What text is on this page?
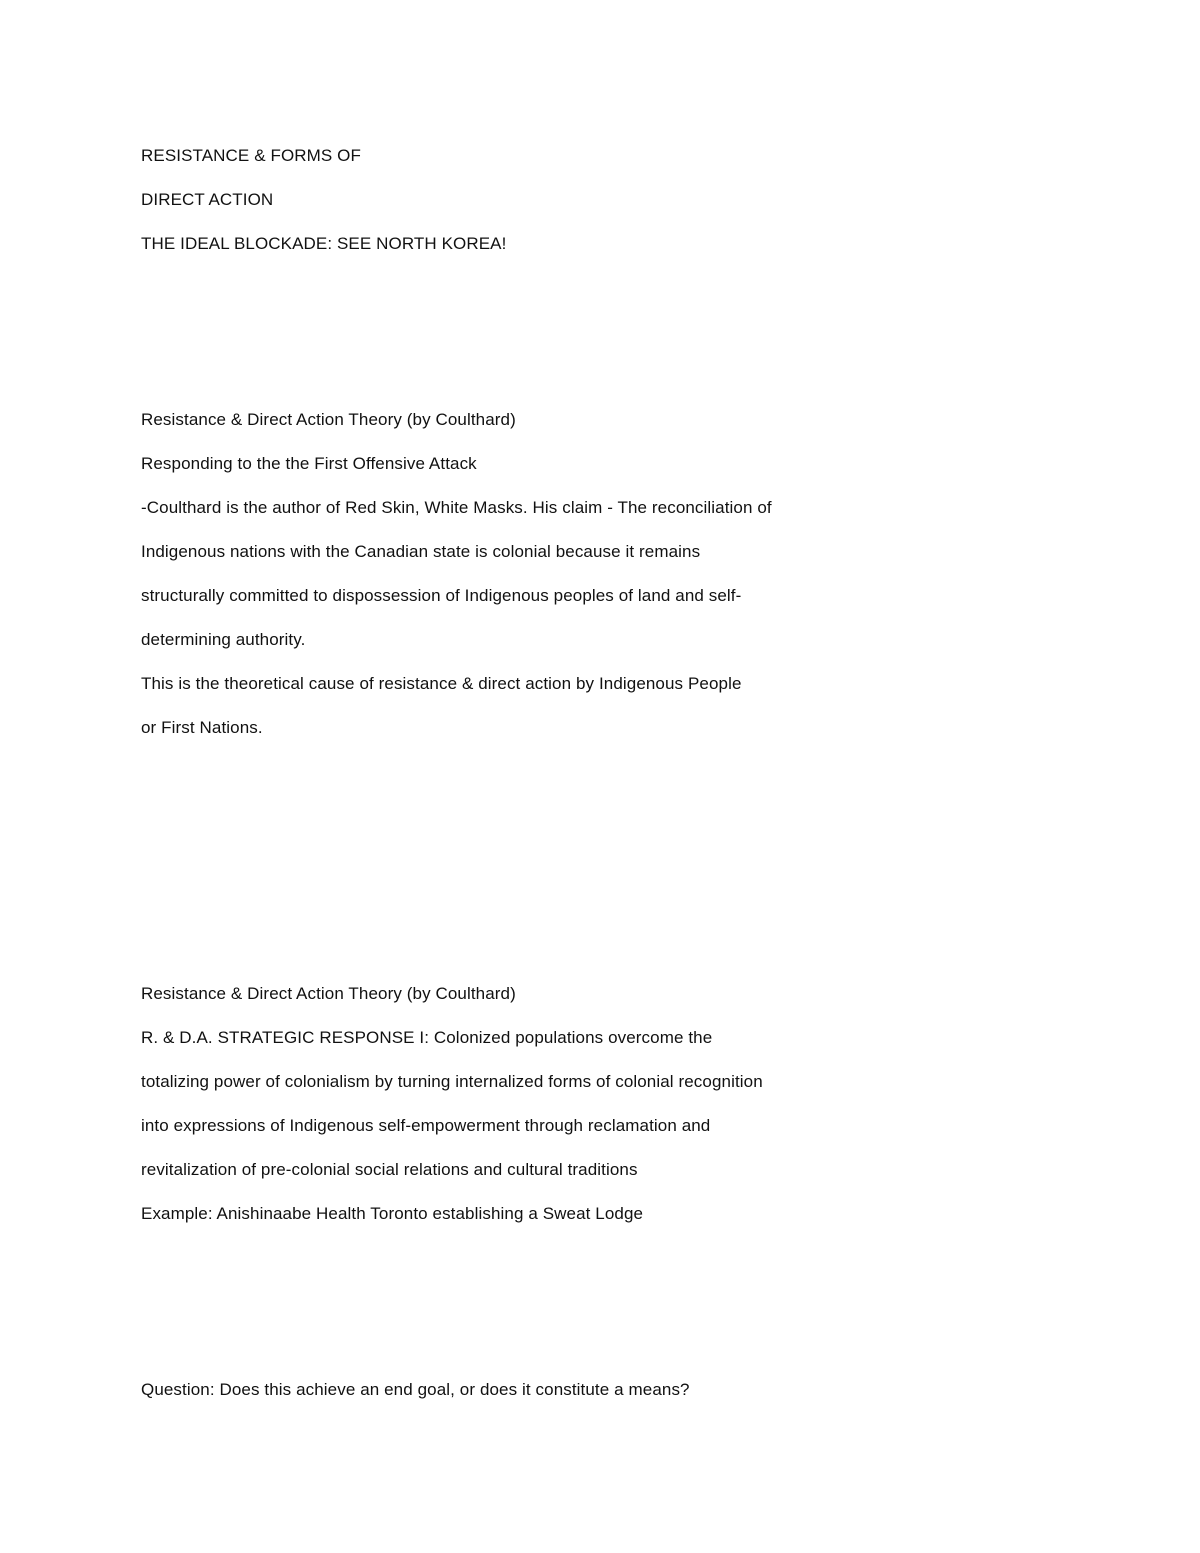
RESISTANCE & FORMS OF
DIRECT ACTION
THE IDEAL BLOCKADE: SEE NORTH KOREA!
Resistance & Direct Action Theory (by Coulthard)
Responding to the the First Offensive Attack
-Coulthard is the author of Red Skin, White Masks. His claim - The reconciliation of
Indigenous nations with the Canadian state is colonial because it remains
structurally committed to dispossession of Indigenous peoples of land and self-
determining authority.
This is the theoretical cause of resistance & direct action by Indigenous People
or First Nations.
Resistance & Direct Action Theory (by Coulthard)
R. & D.A. STRATEGIC RESPONSE I: Colonized populations overcome the
totalizing power of colonialism by turning internalized forms of colonial recognition
into expressions of Indigenous self-empowerment through reclamation and
revitalization of pre-colonial social relations and cultural traditions
Example: Anishinaabe Health Toronto establishing a Sweat Lodge
Question: Does this achieve an end goal, or does it constitute a means?
